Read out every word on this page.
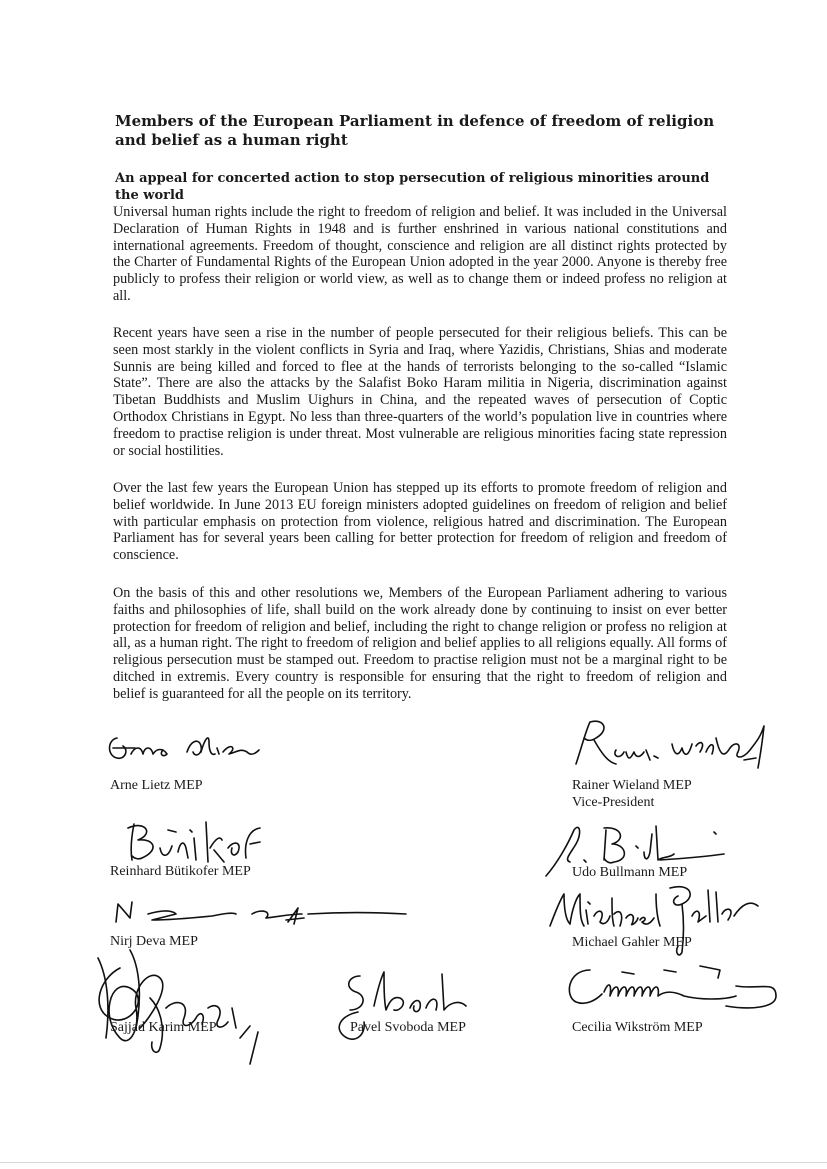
Members of the European Parliament in defence of freedom of religion and belief as a human right
An appeal for concerted action to stop persecution of religious minorities around the world

Universal human rights include the right to freedom of religion and belief. It was included in the Universal Declaration of Human Rights in 1948 and is further enshrined in various national constitutions and international agreements. Freedom of thought, conscience and religion are all distinct rights protected by the Charter of Fundamental Rights of the European Union adopted in the year 2000. Anyone is thereby free publicly to profess their religion or world view, as well as to change them or indeed profess no religion at all.

Recent years have seen a rise in the number of people persecuted for their religious beliefs. This can be seen most starkly in the violent conflicts in Syria and Iraq, where Yazidis, Christians, Shias and moderate Sunnis are being killed and forced to flee at the hands of terrorists belonging to the so-called “Islamic State”. There are also the attacks by the Salafist Boko Haram militia in Nigeria, discrimination against Tibetan Buddhists and Muslim Uighurs in China, and the repeated waves of persecution of Coptic Orthodox Christians in Egypt. No less than three-quarters of the world’s population live in countries where freedom to practise religion is under threat. Most vulnerable are religious minorities facing state repression or social hostilities.

Over the last few years the European Union has stepped up its efforts to promote freedom of religion and belief worldwide. In June 2013 EU foreign ministers adopted guidelines on freedom of religion and belief with particular emphasis on protection from violence, religious hatred and discrimination. The European Parliament has for several years been calling for better protection for freedom of religion and freedom of conscience.

On the basis of this and other resolutions we, Members of the European Parliament adhering to various faiths and philosophies of life, shall build on the work already done by continuing to insist on ever better protection for freedom of religion and belief, including the right to change religion or profess no religion at all, as a human right. The right to freedom of religion and belief applies to all religions equally. All forms of religious persecution must be stamped out. Freedom to practise religion must not be a marginal right to be ditched in extremis. Every country is responsible for ensuring that the right to freedom of religion and belief is guaranteed for all the people on its territory.

Arne Lietz MEP	Rainer Wieland MEP
Vice-President
Reinhard Bütikofer MEP	Udo Bullmann MEP
Nirj Deva MEP	Michael Gahler MEP
Sajjad Karim MEP	Pavel Svoboda MEP	Cecilia Wikström MEP
